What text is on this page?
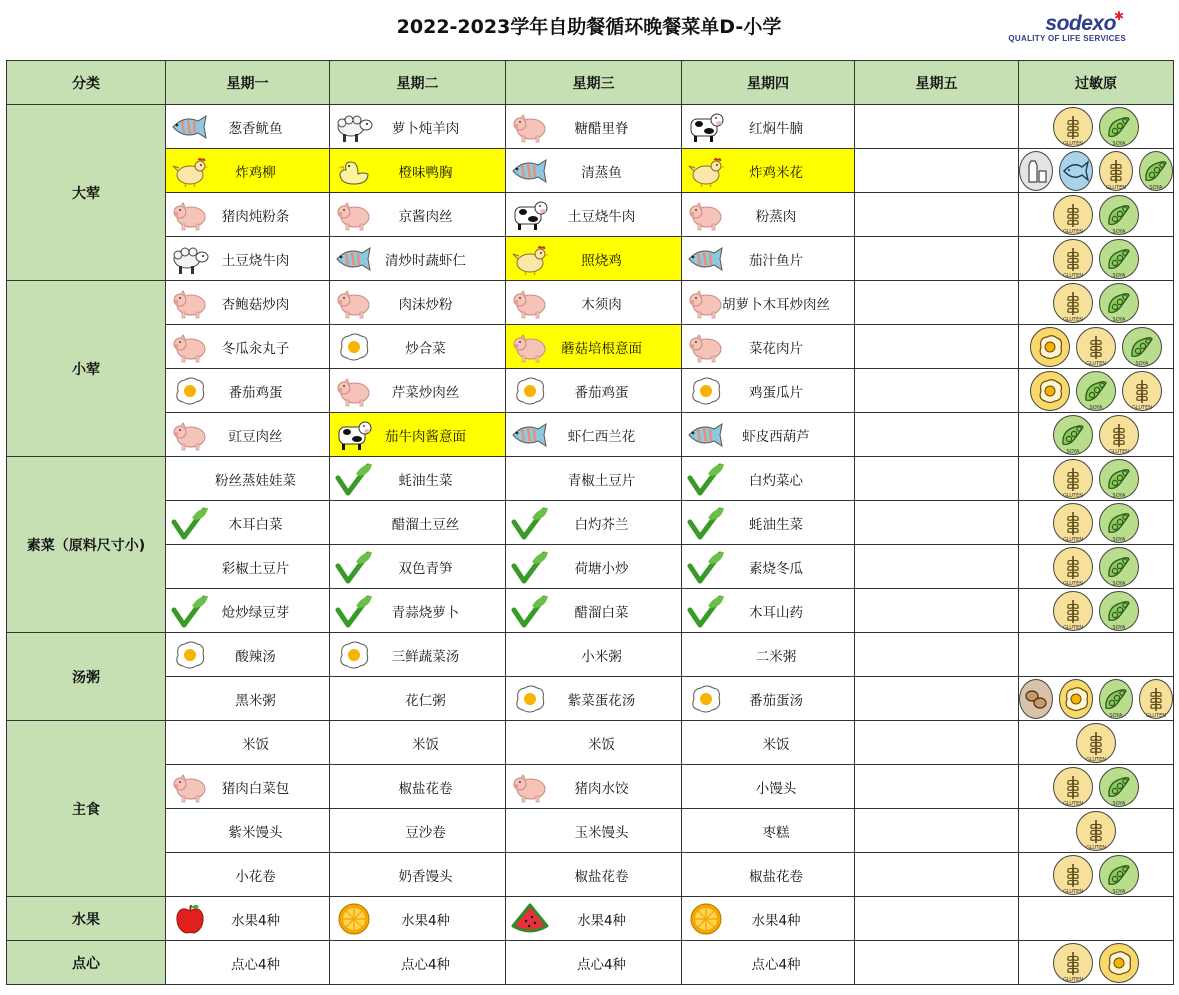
2022-2023学年自助餐循环晚餐菜单D-小学	sodexo✱
QUALITY OF LIFE SERVICES
分类	星期一	星期二	星期三	星期四	星期五	过敏原
大荤	葱香鱿鱼	萝卜炖羊肉	糖醋里脊	红焖牛腩		GLUTEN SOYA

	炸鸡柳	橙味鸭胸	清蒸鱼	炸鸡米花		GLUTEN SOYA

	猪肉炖粉条	京酱肉丝	土豆烧牛肉	粉蒸肉		GLUTEN SOYA

	土豆烧牛肉	清炒时蔬虾仁	照烧鸡	茄汁鱼片		GLUTEN SOYA

小荤	杏鲍菇炒肉	肉沫炒粉	木须肉	胡萝卜木耳炒肉丝		GLUTEN SOYA

	冬瓜汆丸子	炒合菜	蘑菇培根意面	菜花肉片		GLUTEN SOYA

	番茄鸡蛋	芹菜炒肉丝	番茄鸡蛋	鸡蛋瓜片		SOYA GLUTEN

	豇豆肉丝	茄牛肉酱意面	虾仁西兰花	虾皮西葫芦		SOYA GLUTEN

素菜（原料尺寸小)	粉丝蒸娃娃菜	蚝油生菜	青椒土豆片	白灼菜心		GLUTEN SOYA

	木耳白菜	醋溜土豆丝	白灼芥兰	蚝油生菜		GLUTEN SOYA

	彩椒土豆片	双色青笋	荷塘小炒	素烧冬瓜		GLUTEN SOYA

	炝炒绿豆芽	青蒜烧萝卜	醋溜白菜	木耳山药		GLUTEN SOYA

汤粥	酸辣汤	三鲜蔬菜汤	小米粥	二米粥		

	黑米粥	花仁粥	紫菜蛋花汤	番茄蛋汤		SOYA GLUTEN

主食	米饭	米饭	米饭	米饭		GLUTEN

	猪肉白菜包	椒盐花卷	猪肉水饺	小馒头		GLUTEN SOYA

	紫米馒头	豆沙卷	玉米馒头	枣糕		GLUTEN

	小花卷	奶香馒头	椒盐花卷	椒盐花卷		GLUTEN SOYA

水果	水果4种	水果4种	水果4种	水果4种		

点心	点心4种	点心4种	点心4种	点心4种		GLUTEN
